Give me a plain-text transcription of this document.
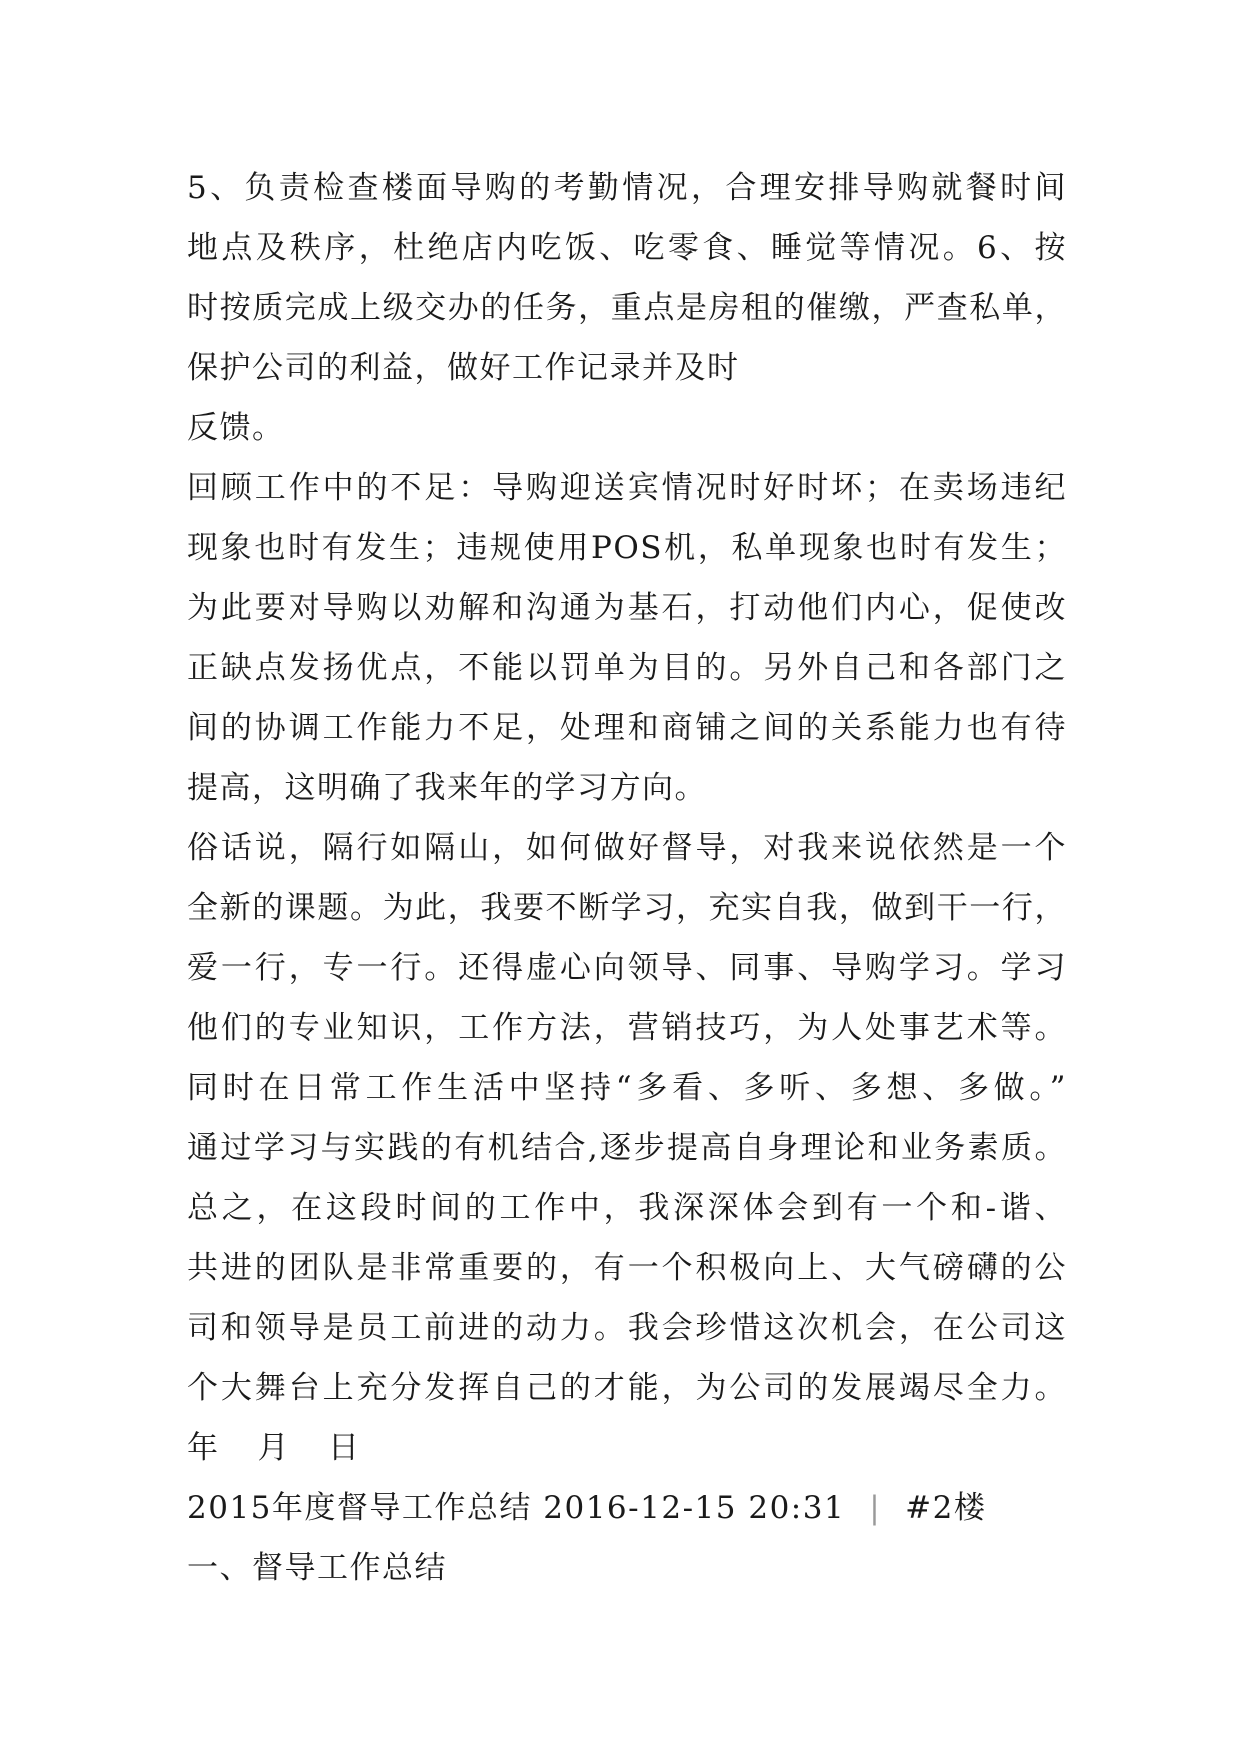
5、负责检查楼面导购的考勤情况，合理安排导购就餐时间
地点及秩序，杜绝店内吃饭、吃零食、睡觉等情况。6、按
时按质完成上级交办的任务，重点是房租的催缴，严查私单，
保护公司的利益，做好工作记录并及时
反馈。
回顾工作中的不足：导购迎送宾情况时好时坏；在卖场违纪
现象也时有发生；违规使用POS机，私单现象也时有发生；
为此要对导购以劝解和沟通为基石，打动他们内心，促使改
正缺点发扬优点，不能以罚单为目的。另外自己和各部门之
间的协调工作能力不足，处理和商铺之间的关系能力也有待
提高，这明确了我来年的学习方向。
俗话说，隔行如隔山，如何做好督导，对我来说依然是一个
全新的课题。为此，我要不断学习，充实自我，做到干一行，
爱一行，专一行。还得虚心向领导、同事、导购学习。学习
他们的专业知识，工作方法，营销技巧，为人处事艺术等。
同时在日常工作生活中坚持“多看、多听、多想、多做。”
通过学习与实践的有机结合,逐步提高自身理论和业务素质。
总之，在这段时间的工作中，我深深体会到有一个和-谐、
共进的团队是非常重要的，有一个积极向上、大气磅礴的公
司和领导是员工前进的动力。我会珍惜这次机会，在公司这
个大舞台上充分发挥自己的才能，为公司的发展竭尽全力。
年 月 日
2015年度督导工作总结 2016-12-15 20:31 | #2楼
一、督导工作总结
